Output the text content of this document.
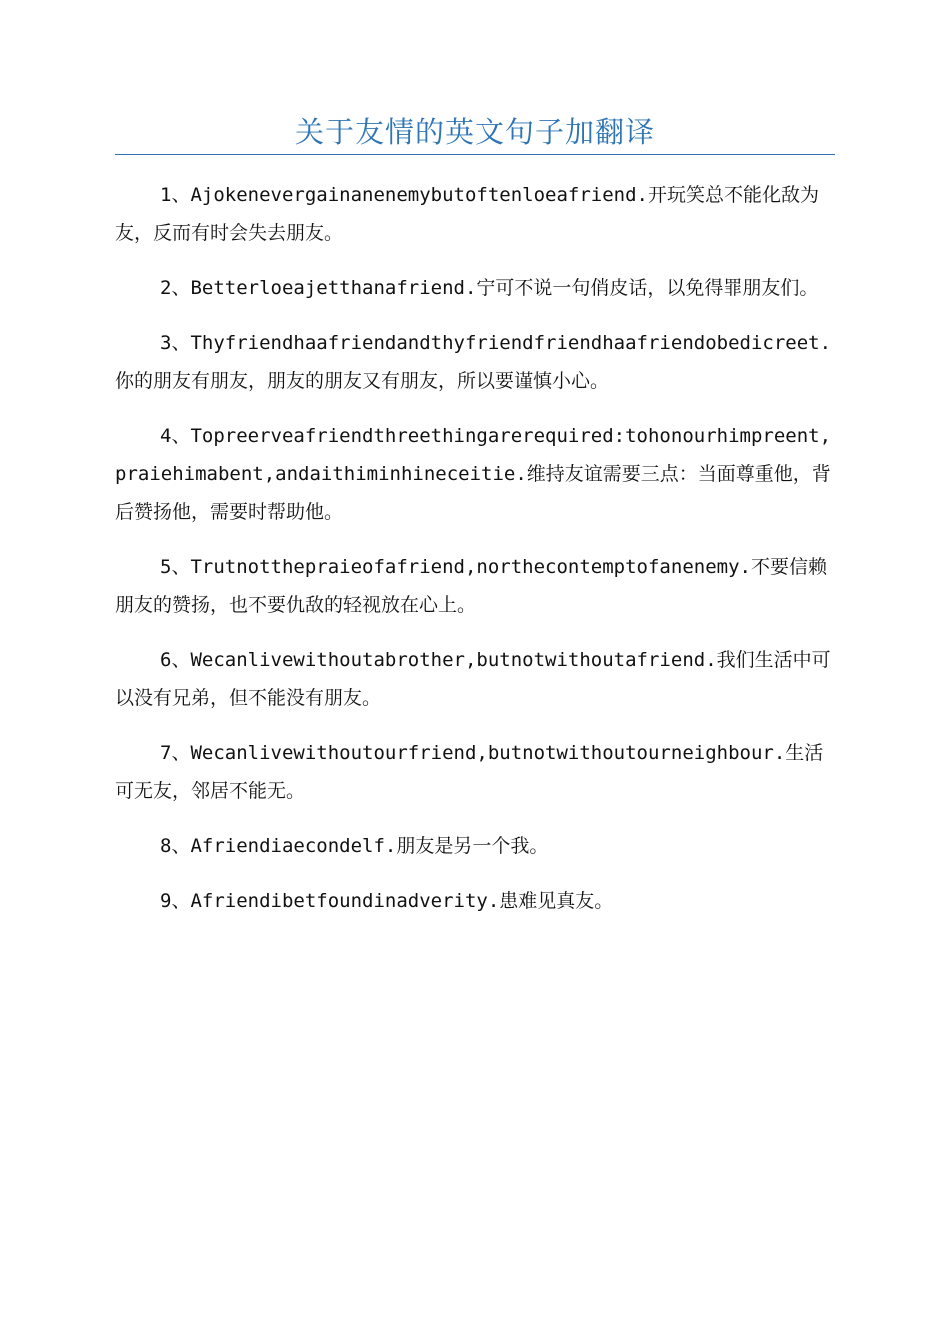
关于友情的英文句子加翻译

1、Ajokenevergainanenemybutoftenloeafriend.开玩笑总不能化敌为友，反而有时会失去朋友。

2、Betterloeajetthanafriend.宁可不说一句俏皮话，以免得罪朋友们。

3、Thyfriendhaafriendandthyfriendfriendhaafriendobedicreet.你的朋友有朋友，朋友的朋友又有朋友，所以要谨慎小心。

4、Topreerveafriendthreethingarerequired:tohonourhimpreent,praiehimabent,andaithiminhineceitie.维持友谊需要三点：当面尊重他，背后赞扬他，需要时帮助他。

5、Trutnotthepraieofafriend,northecontemptofanenemy.不要信赖朋友的赞扬，也不要仇敌的轻视放在心上。

6、Wecanlivewithoutabrother,butnotwithoutafriend.我们生活中可以没有兄弟，但不能没有朋友。

7、Wecanlivewithoutourfriend,butnotwithoutourneighbour.生活可无友，邻居不能无。

8、Afriendiaecondelf.朋友是另一个我。

9、Afriendibetfoundinadverity.患难见真友。
